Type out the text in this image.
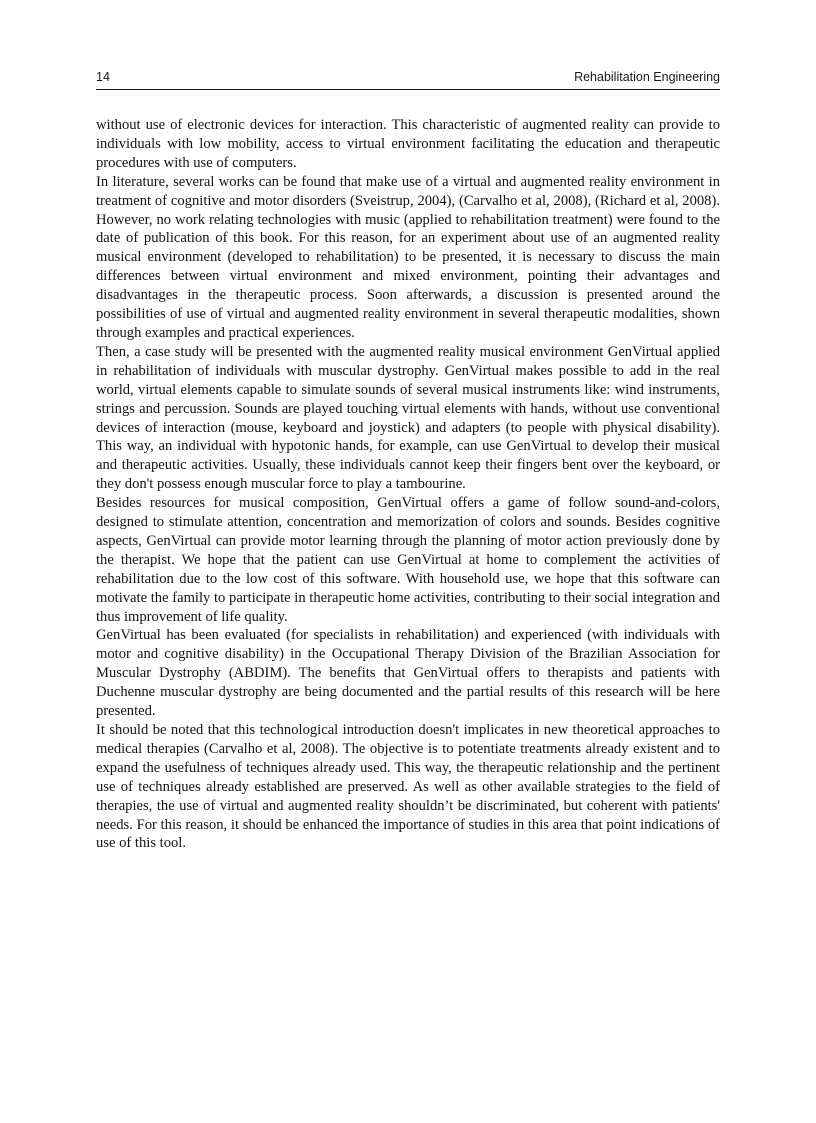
14	Rehabilitation Engineering

without use of electronic devices for interaction. This characteristic of augmented reality can provide to individuals with low mobility, access to virtual environment facilitating the education and therapeutic procedures with use of computers.

In literature, several works can be found that make use of a virtual and augmented reality environment in treatment of cognitive and motor disorders (Sveistrup, 2004), (Carvalho et al, 2008), (Richard et al, 2008). However, no work relating technologies with music (applied to rehabilitation treatment) were found to the date of publication of this book. For this reason, for an experiment about use of an augmented reality musical environment (developed to rehabilitation) to be presented, it is necessary to discuss the main differences between virtual environment and mixed environment, pointing their advantages and disadvantages in the therapeutic process. Soon afterwards, a discussion is presented around the possibilities of use of virtual and augmented reality environment in several therapeutic modalities, shown through examples and practical experiences.

Then, a case study will be presented with the augmented reality musical environment GenVirtual applied in rehabilitation of individuals with muscular dystrophy. GenVirtual makes possible to add in the real world, virtual elements capable to simulate sounds of several musical instruments like: wind instruments, strings and percussion. Sounds are played touching virtual elements with hands, without use conventional devices of interaction (mouse, keyboard and joystick) and adapters (to people with physical disability). This way, an individual with hypotonic hands, for example, can use GenVirtual to develop their musical and therapeutic activities. Usually, these individuals cannot keep their fingers bent over the keyboard, or they don't possess enough muscular force to play a tambourine.

Besides resources for musical composition, GenVirtual offers a game of follow sound-and-colors, designed to stimulate attention, concentration and memorization of colors and sounds. Besides cognitive aspects, GenVirtual can provide motor learning through the planning of motor action previously done by the therapist. We hope that the patient can use GenVirtual at home to complement the activities of rehabilitation due to the low cost of this software. With household use, we hope that this software can motivate the family to participate in therapeutic home activities, contributing to their social integration and thus improvement of life quality.

GenVirtual has been evaluated (for specialists in rehabilitation) and experienced (with individuals with motor and cognitive disability) in the Occupational Therapy Division of the Brazilian Association for Muscular Dystrophy (ABDIM). The benefits that GenVirtual offers to therapists and patients with Duchenne muscular dystrophy are being documented and the partial results of this research will be here presented.

It should be noted that this technological introduction doesn't implicates in new theoretical approaches to medical therapies (Carvalho et al, 2008). The objective is to potentiate treatments already existent and to expand the usefulness of techniques already used. This way, the therapeutic relationship and the pertinent use of techniques already established are preserved. As well as other available strategies to the field of therapies, the use of virtual and augmented reality shouldn’t be discriminated, but coherent with patients' needs. For this reason, it should be enhanced the importance of studies in this area that point indications of use of this tool.
